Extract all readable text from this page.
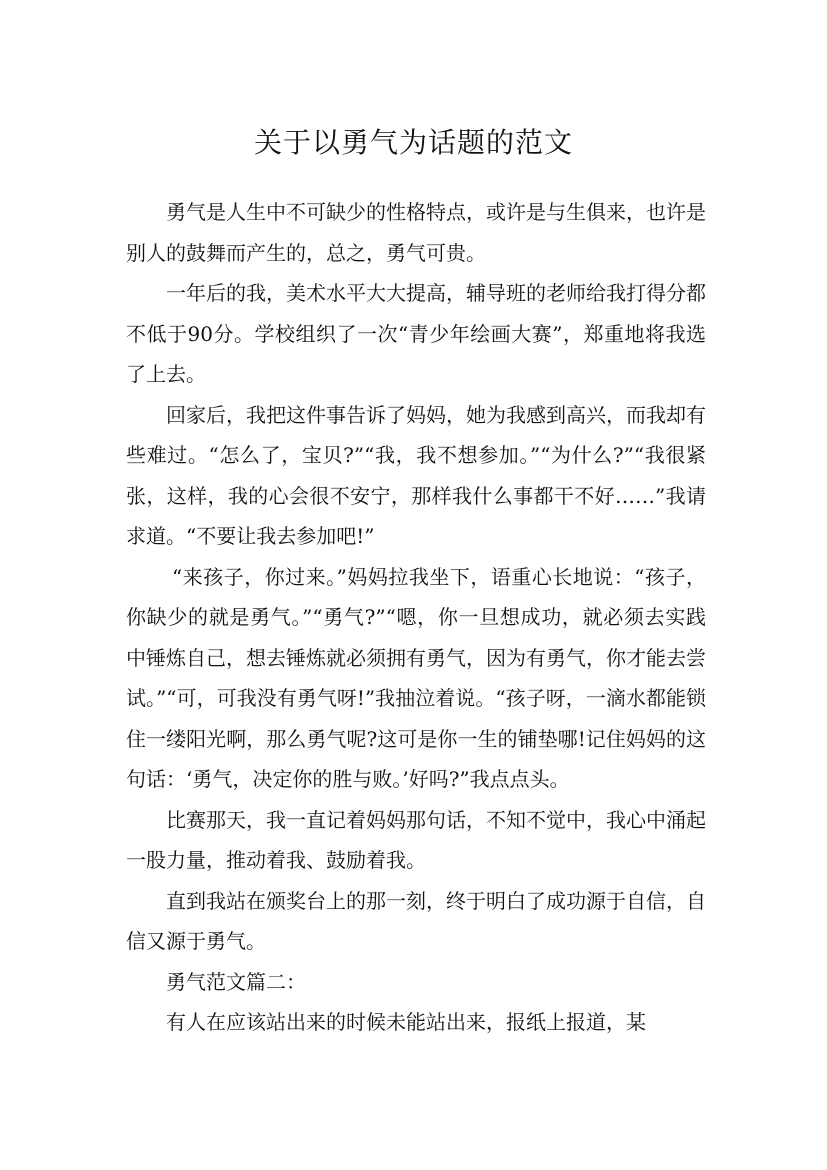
关于以勇气为话题的范文

勇气是人生中不可缺少的性格特点，或许是与生俱来，也许是别人的鼓舞而产生的，总之，勇气可贵。

一年后的我，美术水平大大提高，辅导班的老师给我打得分都不低于90分。学校组织了一次“青少年绘画大赛”，郑重地将我选了上去。

回家后，我把这件事告诉了妈妈，她为我感到高兴，而我却有些难过。“怎么了，宝贝?”“我，我不想参加。”“为什么?”“我很紧张，这样，我的心会很不安宁，那样我什么事都干不好……”我请求道。“不要让我去参加吧!”

“来孩子，你过来。”妈妈拉我坐下，语重心长地说：“孩子，你缺少的就是勇气。”“勇气?”“嗯，你一旦想成功，就必须去实践中锤炼自己，想去锤炼就必须拥有勇气，因为有勇气，你才能去尝试。”“可，可我没有勇气呀!”我抽泣着说。“孩子呀，一滴水都能锁住一缕阳光啊，那么勇气呢?这可是你一生的铺垫哪!记住妈妈的这句话：‘勇气，决定你的胜与败。’好吗?”我点点头。

比赛那天，我一直记着妈妈那句话，不知不觉中，我心中涌起一股力量，推动着我、鼓励着我。

直到我站在颁奖台上的那一刻，终于明白了成功源于自信，自信又源于勇气。

勇气范文篇二：

有人在应该站出来的时候未能站出来，报纸上报道，某
